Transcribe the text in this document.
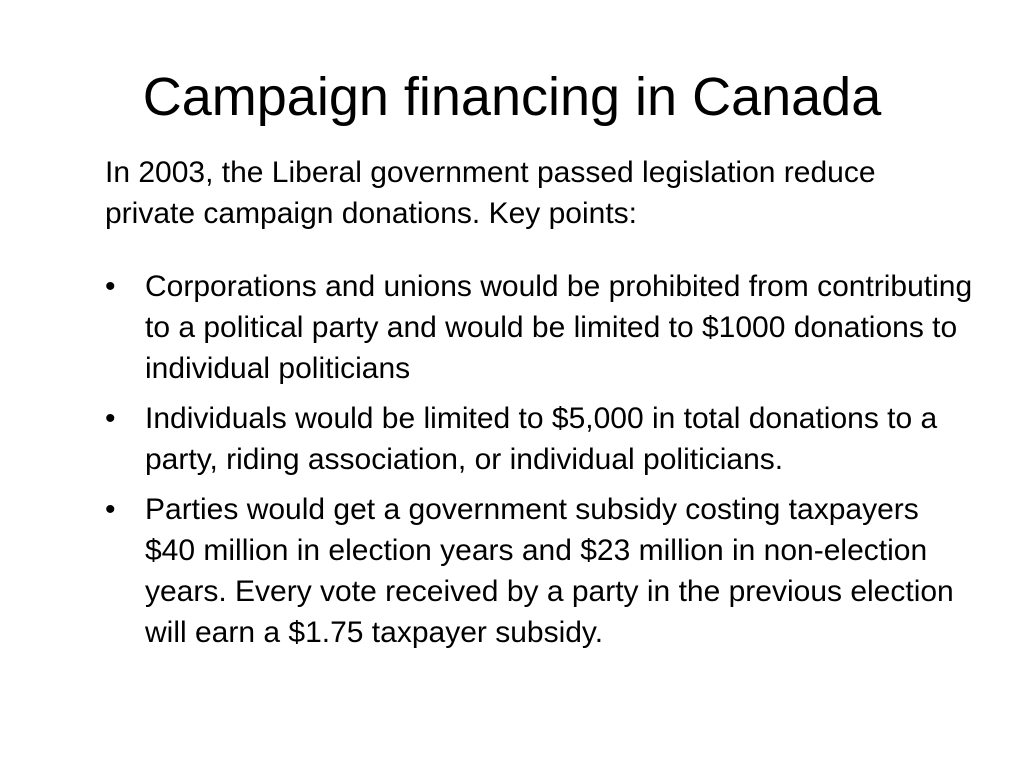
Campaign financing in Canada

In 2003, the Liberal government passed legislation reduce private campaign donations. Key points:

• Corporations and unions would be prohibited from contributing to a political party and would be limited to $1000 donations to individual politicians
• Individuals would be limited to $5,000 in total donations to a party, riding association, or individual politicians.
• Parties would get a government subsidy costing taxpayers $40 million in election years and $23 million in non-election years. Every vote received by a party in the previous election will earn a $1.75 taxpayer subsidy.
